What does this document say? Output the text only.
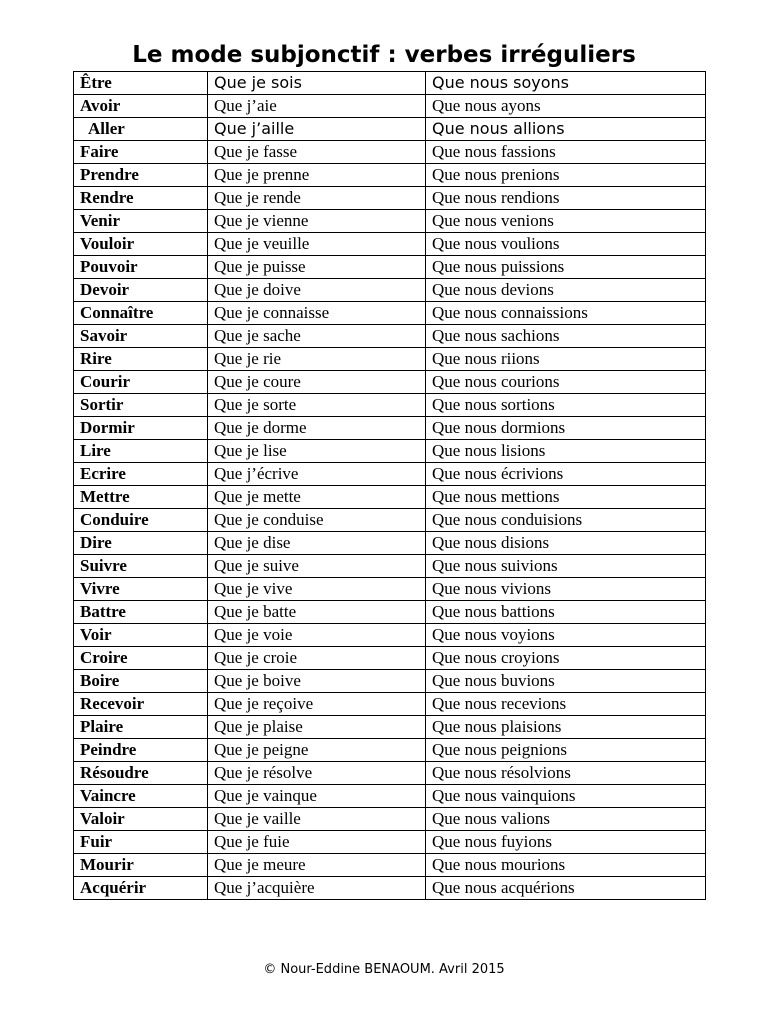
Le mode subjonctif : verbes irréguliers
Être	Que je sois	Que nous soyons
Avoir	Que j’aie	Que nous ayons
Aller	Que j’aille	Que nous allions
Faire	Que je fasse	Que nous fassions
Prendre	Que je prenne	Que nous prenions
Rendre	Que je rende	Que nous rendions
Venir	Que je vienne	Que nous venions
Vouloir	Que je veuille	Que nous voulions
Pouvoir	Que je puisse	Que nous puissions
Devoir	Que je doive	Que nous devions
Connaître	Que je connaisse	Que nous connaissions
Savoir	Que je sache	Que nous sachions
Rire	Que je rie	Que nous riions
Courir	Que je coure	Que nous courions
Sortir	Que je sorte	Que nous sortions
Dormir	Que je dorme	Que nous dormions
Lire	Que je lise	Que nous lisions
Ecrire	Que j’écrive	Que nous écrivions
Mettre	Que je mette	Que nous mettions
Conduire	Que je conduise	Que nous conduisions
Dire	Que je dise	Que nous disions
Suivre	Que je suive	Que nous suivions
Vivre	Que je vive	Que nous vivions
Battre	Que je batte	Que nous battions
Voir	Que je voie	Que nous voyions
Croire	Que je croie	Que nous croyions
Boire	Que je boive	Que nous buvions
Recevoir	Que je reçoive	Que nous recevions
Plaire	Que je plaise	Que nous plaisions
Peindre	Que je peigne	Que nous peignions
Résoudre	Que je résolve	Que nous résolvions
Vaincre	Que je vainque	Que nous vainquions
Valoir	Que je vaille	Que nous valions
Fuir	Que je fuie	Que nous fuyions
Mourir	Que je meure	Que nous mourions
Acquérir	Que j’acquière	Que nous acquérions
© Nour-Eddine BENAOUM. Avril 2015
